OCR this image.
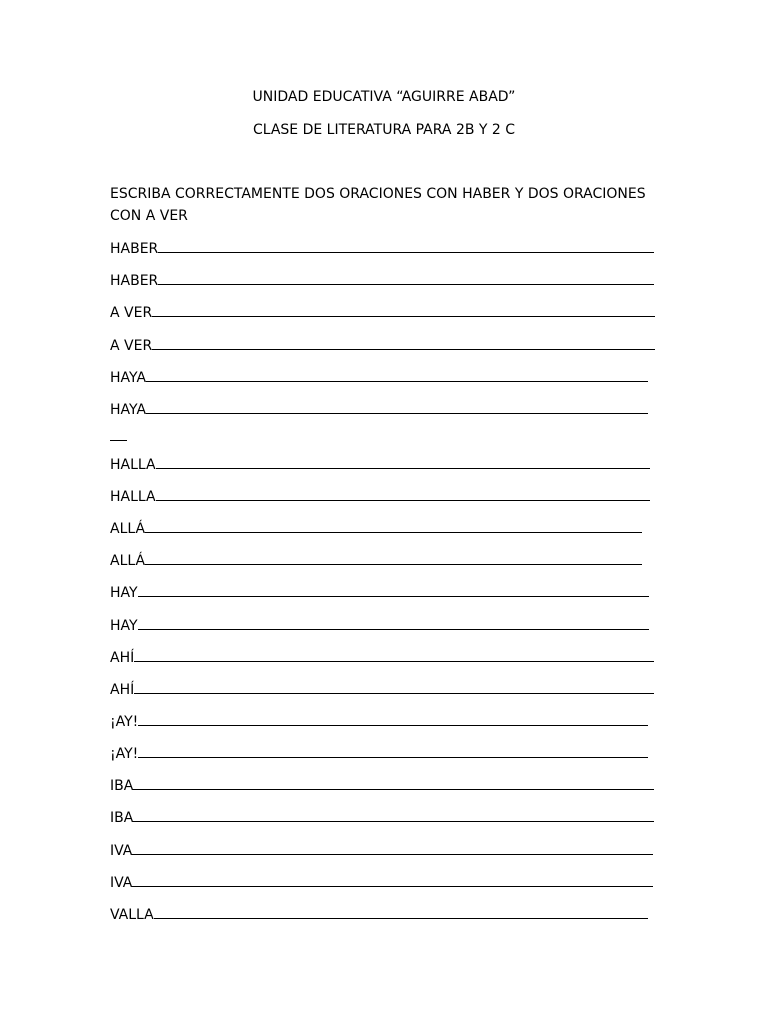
UNIDAD EDUCATIVA “AGUIRRE ABAD”
CLASE DE LITERATURA PARA 2B Y 2 C
ESCRIBA CORRECTAMENTE DOS ORACIONES CON HABER Y DOS ORACIONES CON A VER
HABER
HABER
A VER
A VER
HAYA
HAYA
HALLA
HALLA
ALLÁ
ALLÁ
HAY
HAY
AHÍ
AHÍ
¡AY!
¡AY!
IBA
IBA
IVA
IVA
VALLA
